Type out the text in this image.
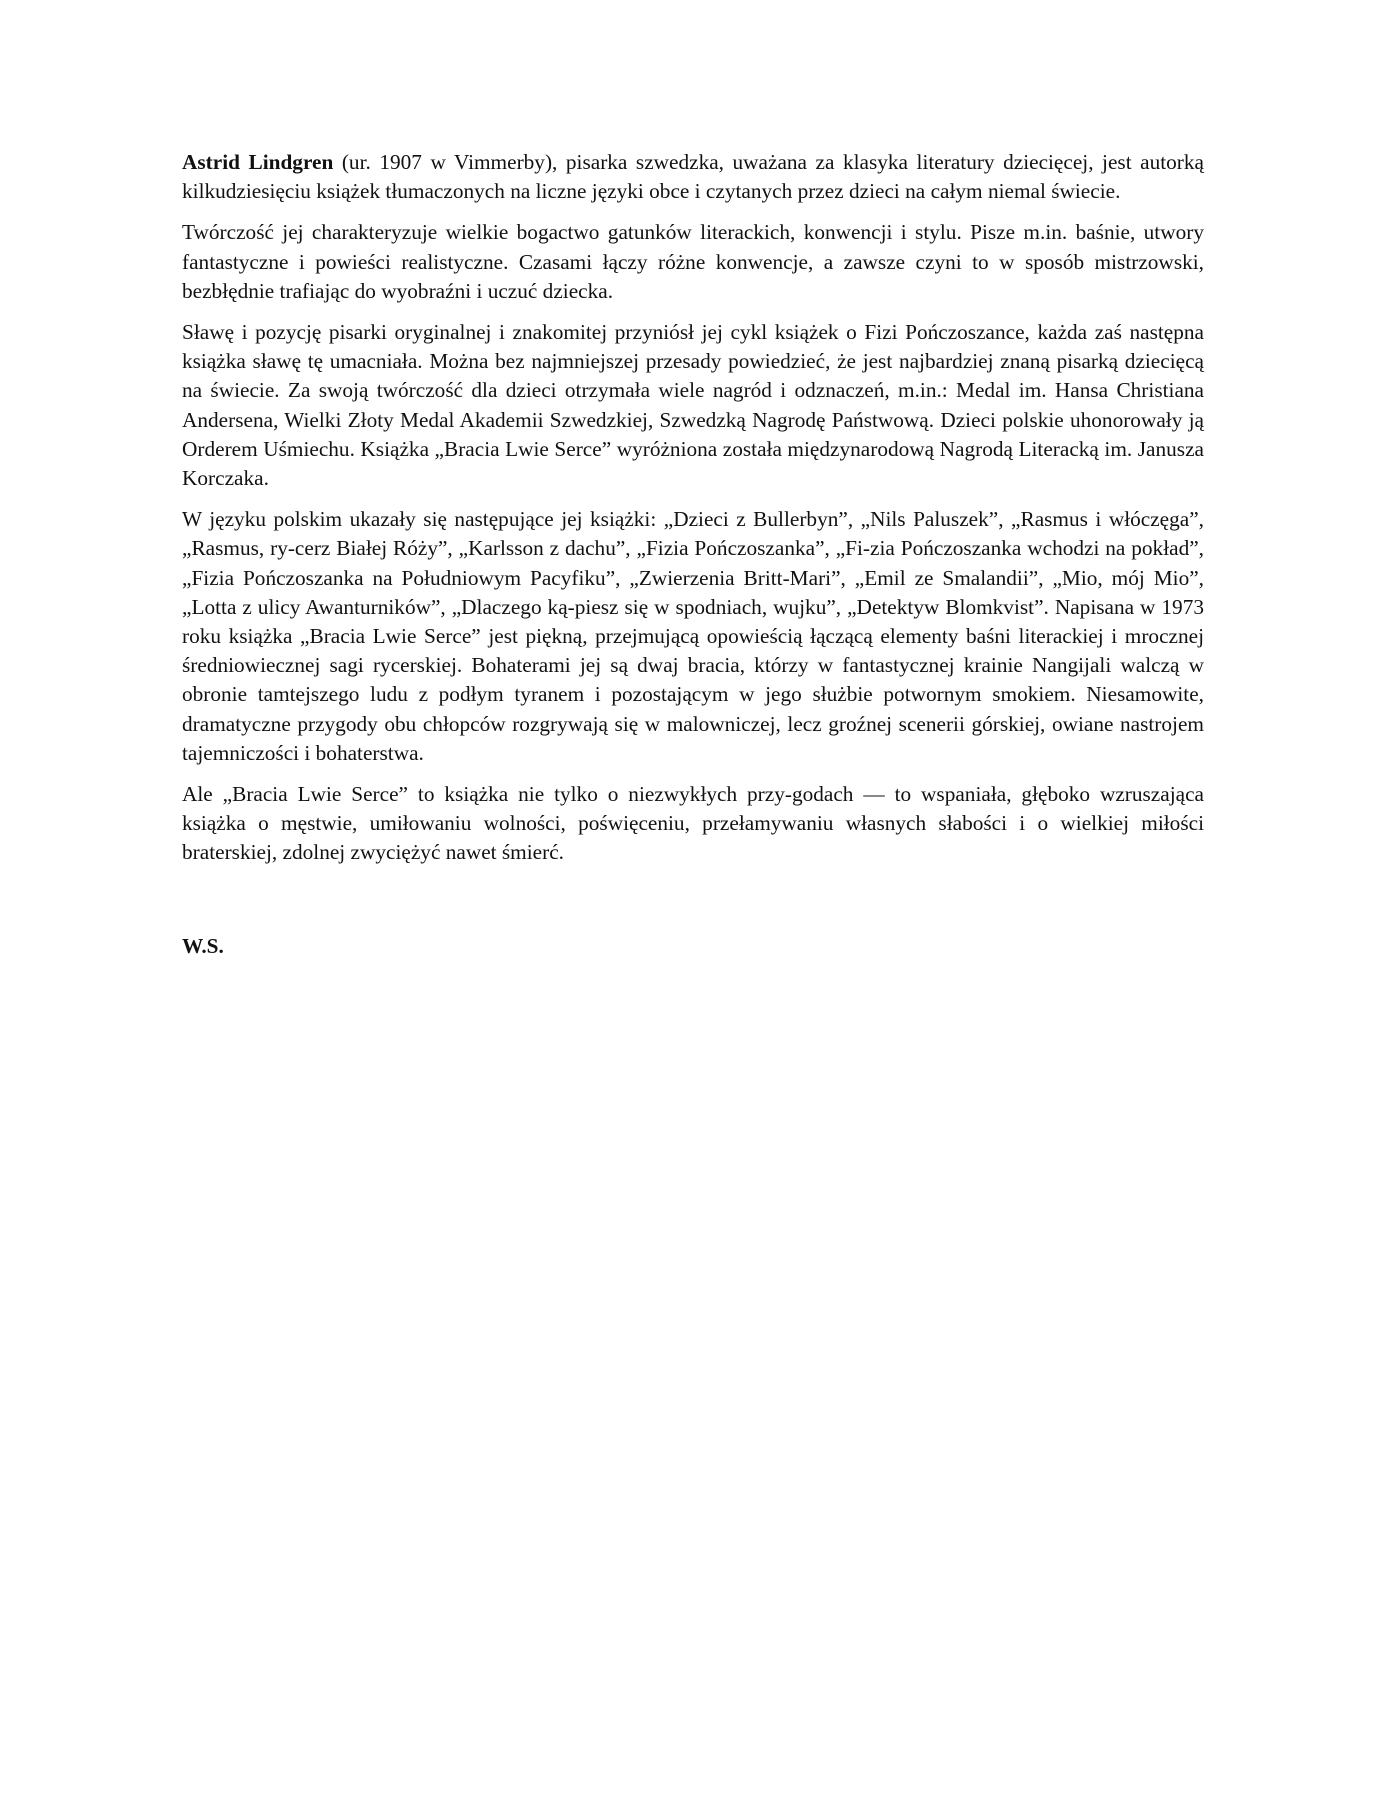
Astrid Lindgren (ur. 1907 w Vimmerby), pisarka szwedzka, uważana za klasyka literatury dziecięcej, jest autorką kilkudziesięciu książek tłumaczonych na liczne języki obce i czytanych przez dzieci na całym niemal świecie.

Twórczość jej charakteryzuje wielkie bogactwo gatunków literackich, konwencji i stylu. Pisze m.in. baśnie, utwory fantastyczne i powieści realistyczne. Czasami łączy różne konwencje, a zawsze czyni to w sposób mistrzowski, bezbłędnie trafiając do wyobraźni i uczuć dziecka.

Sławę i pozycję pisarki oryginalnej i znakomitej przyniósł jej cykl książek o Fizi Pończoszance, każda zaś następna książka sławę tę umacniała. Można bez najmniejszej przesady powiedzieć, że jest najbardziej znaną pisarką dziecięcą na świecie. Za swoją twórczość dla dzieci otrzymała wiele nagród i odznaczeń, m.in.: Medal im. Hansa Christiana Andersena, Wielki Złoty Medal Akademii Szwedzkiej, Szwedzką Nagrodę Państwową. Dzieci polskie uhonorowały ją Orderem Uśmiechu. Książka „Bracia Lwie Serce” wyróżniona została międzynarodową Nagrodą Literacką im. Janusza Korczaka.

W języku polskim ukazały się następujące jej książki: „Dzieci z Bullerbyn”, „Nils Paluszek”, „Rasmus i włóczęga”, „Rasmus, ry-cerz Białej Róży”, „Karlsson z dachu”, „Fizia Pończoszanka”, „Fi-zia Pończoszanka wchodzi na pokład”, „Fizia Pończoszanka na Południowym Pacyfiku”, „Zwierzenia Britt-Mari”, „Emil ze Smalandii”, „Mio, mój Mio”, „Lotta z ulicy Awanturników”, „Dlaczego ką-piesz się w spodniach, wujku”, „Detektyw Blomkvist”. Napisana w 1973 roku książka „Bracia Lwie Serce” jest piękną, przejmującą opowieścią łączącą elementy baśni literackiej i mrocznej średniowiecznej sagi rycerskiej. Bohaterami jej są dwaj bracia, którzy w fantastycznej krainie Nangijali walczą w obronie tamtejszego ludu z podłym tyranem i pozostającym w jego służbie potwornym smokiem. Niesamowite, dramatyczne przygody obu chłopców rozgrywają się w malowniczej, lecz groźnej scenerii górskiej, owiane nastrojem tajemniczości i bohaterstwa.

Ale „Bracia Lwie Serce” to książka nie tylko o niezwykłych przy-godach — to wspaniała, głęboko wzruszająca książka o męstwie, umiłowaniu wolności, poświęceniu, przełamywaniu własnych słabości i o wielkiej miłości braterskiej, zdolnej zwyciężyć nawet śmierć.

W.S.
